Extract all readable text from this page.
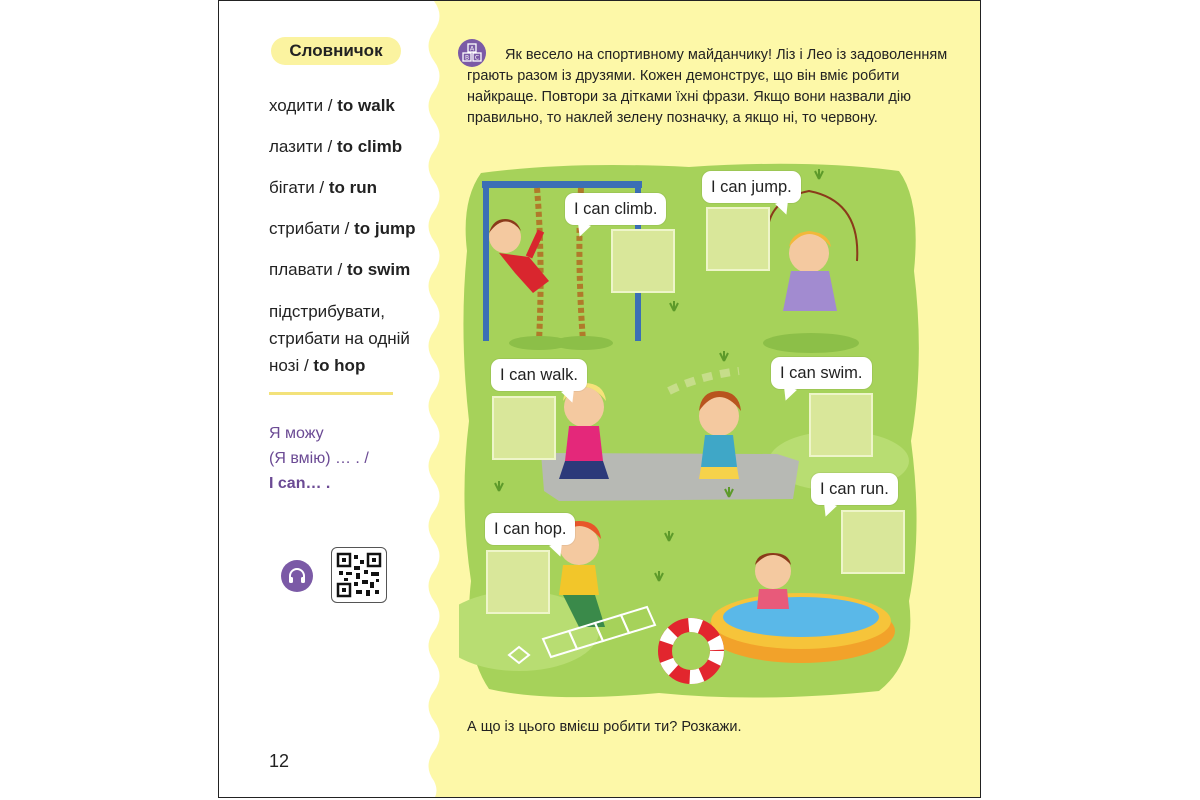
Словничок
ходити / to walk
лазити / to climb
бігати / to run
стрибати / to jump
плавати / to swim
підстрибувати,
стрибати на одній
нозі / to hop
Я можу
(Я вмію) … . /
I can… .
12
A
B C	Як весело на спортивному майданчику! Ліз і Лео із задоволенням грають разом із друзями. Кожен демонструє, що він вміє робити найкраще. Повтори за дітками їхні фрази. Якщо вони назвали дію правильно, то наклей зелену позначку, а якщо ні, то червону.

I can climb.
I can jump.
I can walk.	I can swim.
I can run.
I can hop.
А що із цього вмієш робити ти? Розкажи.
